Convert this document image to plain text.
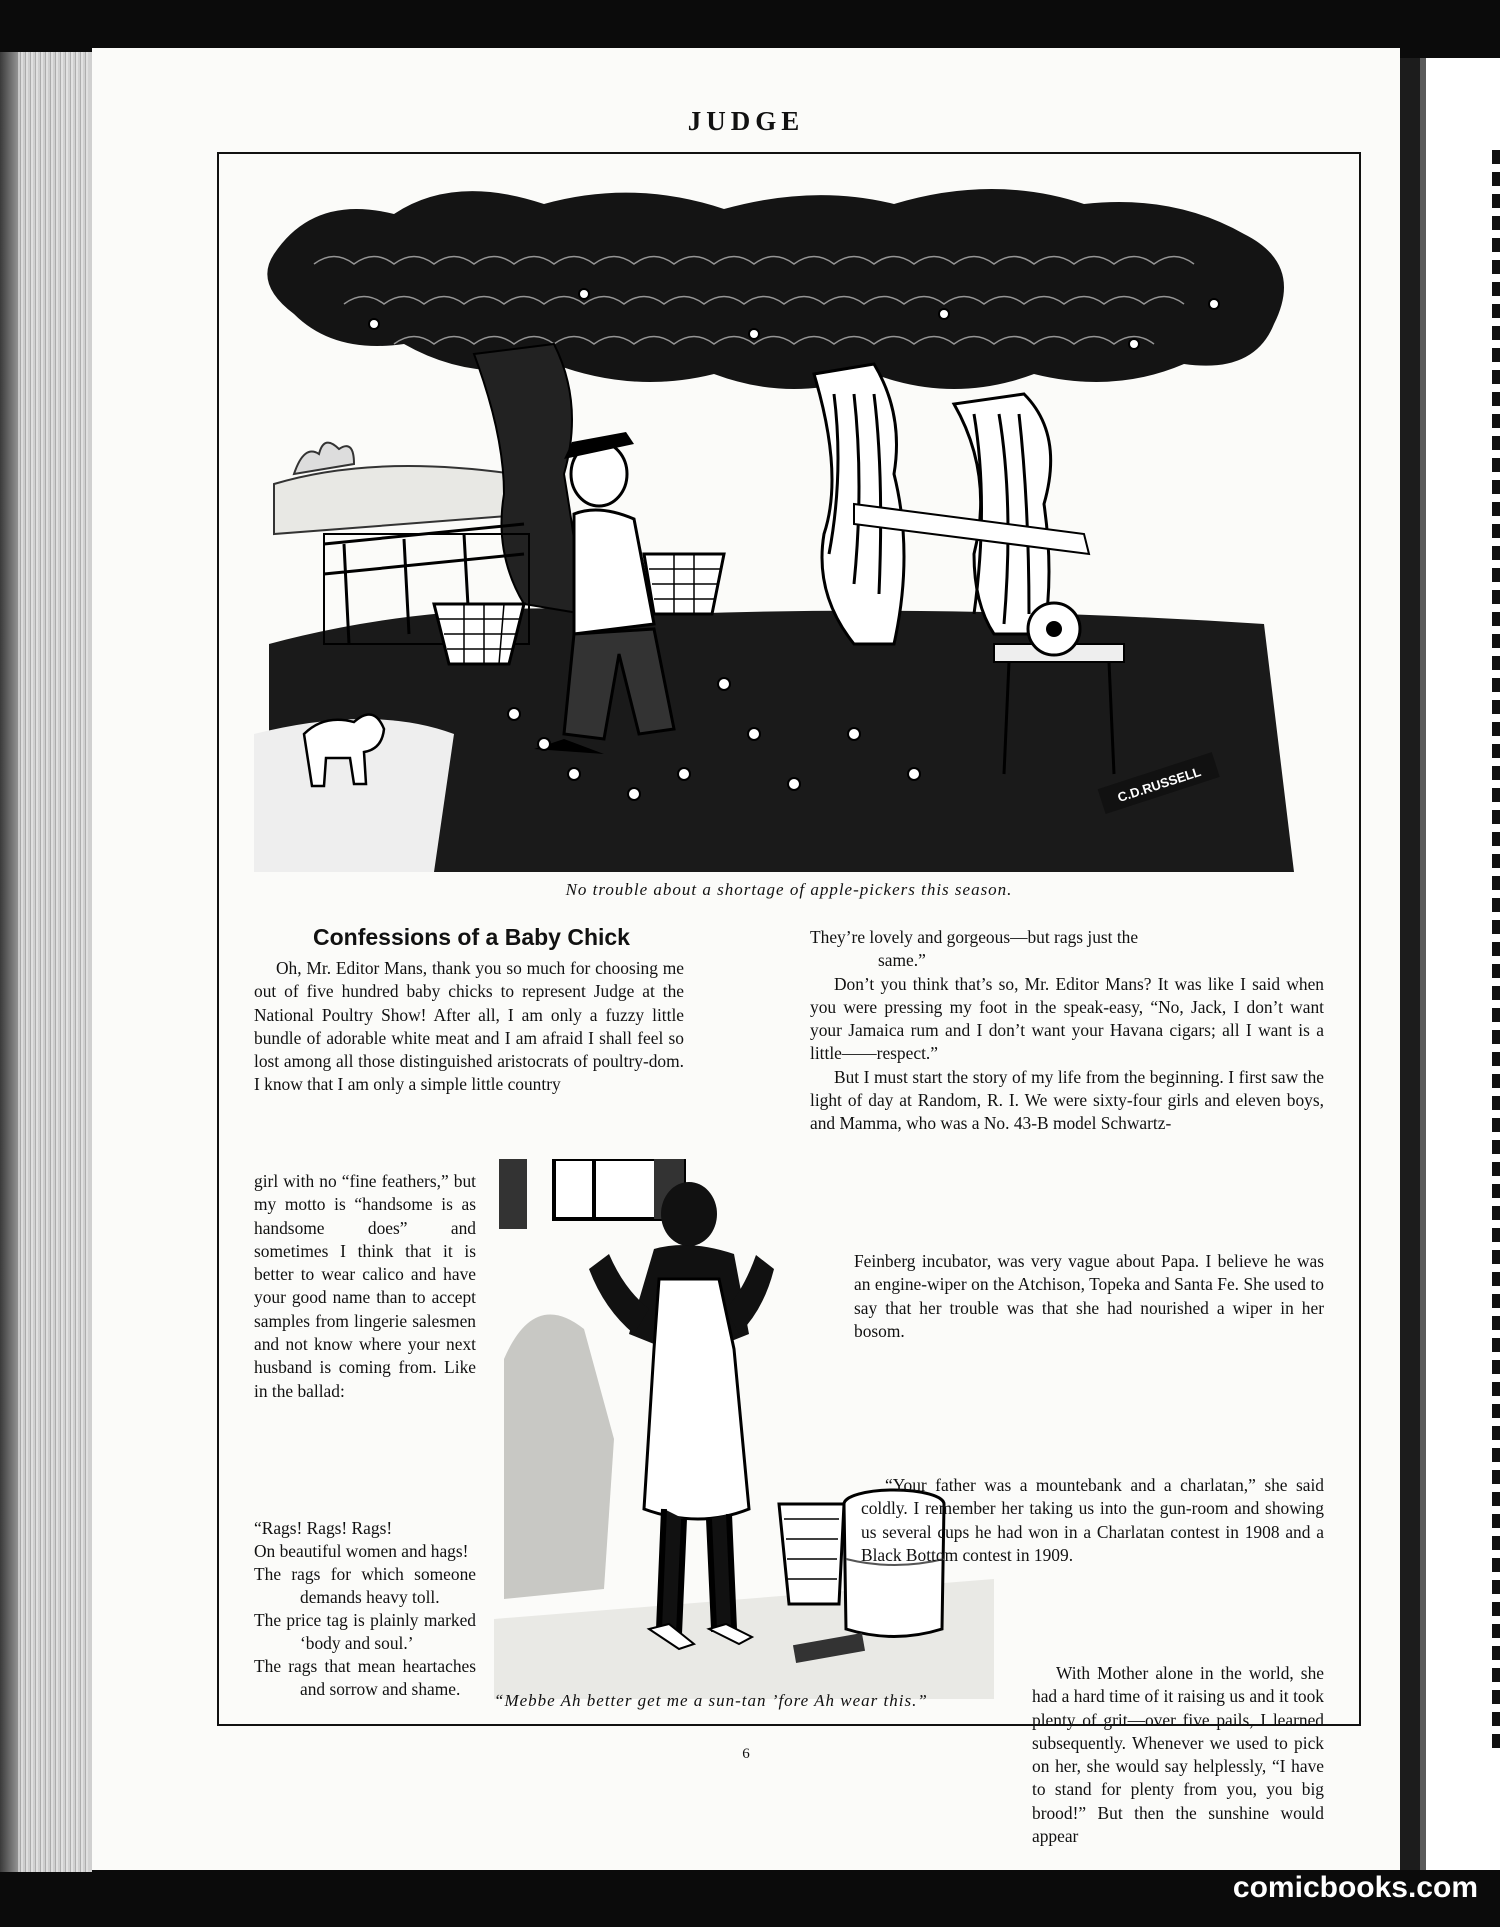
JUDGE
C.D.RUSSELL
No trouble about a shortage of apple-pickers this season.
Confessions of a Baby Chick

Oh, Mr. Editor Mans, thank you so much for choosing me out of five hundred baby chicks to represent Judge at the National Poultry Show! After all, I am only a fuzzy little bundle of adorable white meat and I am afraid I shall feel so lost among all those distinguished aristocrats of poultry-dom. I know that I am only a simple little country

girl with no “fine feathers,” but my motto is “handsome is as handsome does” and sometimes I think that it is better to wear calico and have your good name than to accept samples from lingerie salesmen and not know where your next husband is coming from. Like in the ballad:

“Rags! Rags! Rags!
On beautiful women and hags!
The rags for which someone demands heavy toll.
The price tag is plainly marked ‘body and soul.’
The rags that mean heartaches and sorrow and shame.
“Mebbe Ah better get me a sun-tan ’fore Ah wear this.”
They’re lovely and gorgeous—but rags just the
same.”
Don’t you think that’s so, Mr. Editor Mans? It was like I said when you were pressing my foot in the speak-easy, “No, Jack, I don’t want your Jamaica rum and I don’t want your Havana cigars; all I want is a little——respect.”
But I must start the story of my life from the beginning. I first saw the light of day at Random, R. I. We were sixty-four girls and eleven boys, and Mamma, who was a No. 43-B model Schwartz-
Feinberg incubator, was very vague about Papa. I believe he was an engine-wiper on the Atchison, Topeka and Santa Fe. She used to say that her trouble was that she had nourished a wiper in her bosom.
“Your father was a mountebank and a charlatan,” she said coldly. I remember her taking us into the gun-room and showing us several cups he had won in a Charlatan contest in 1908 and a Black Bottom contest in 1909.
With Mother alone in the world, she had a hard time of it raising us and it took plenty of grit—over five pails, I learned subsequently. Whenever we used to pick on her, she would say helplessly, “I have to stand for plenty from you, you big brood!” But then the sunshine would appear
6
comicbooks.com
